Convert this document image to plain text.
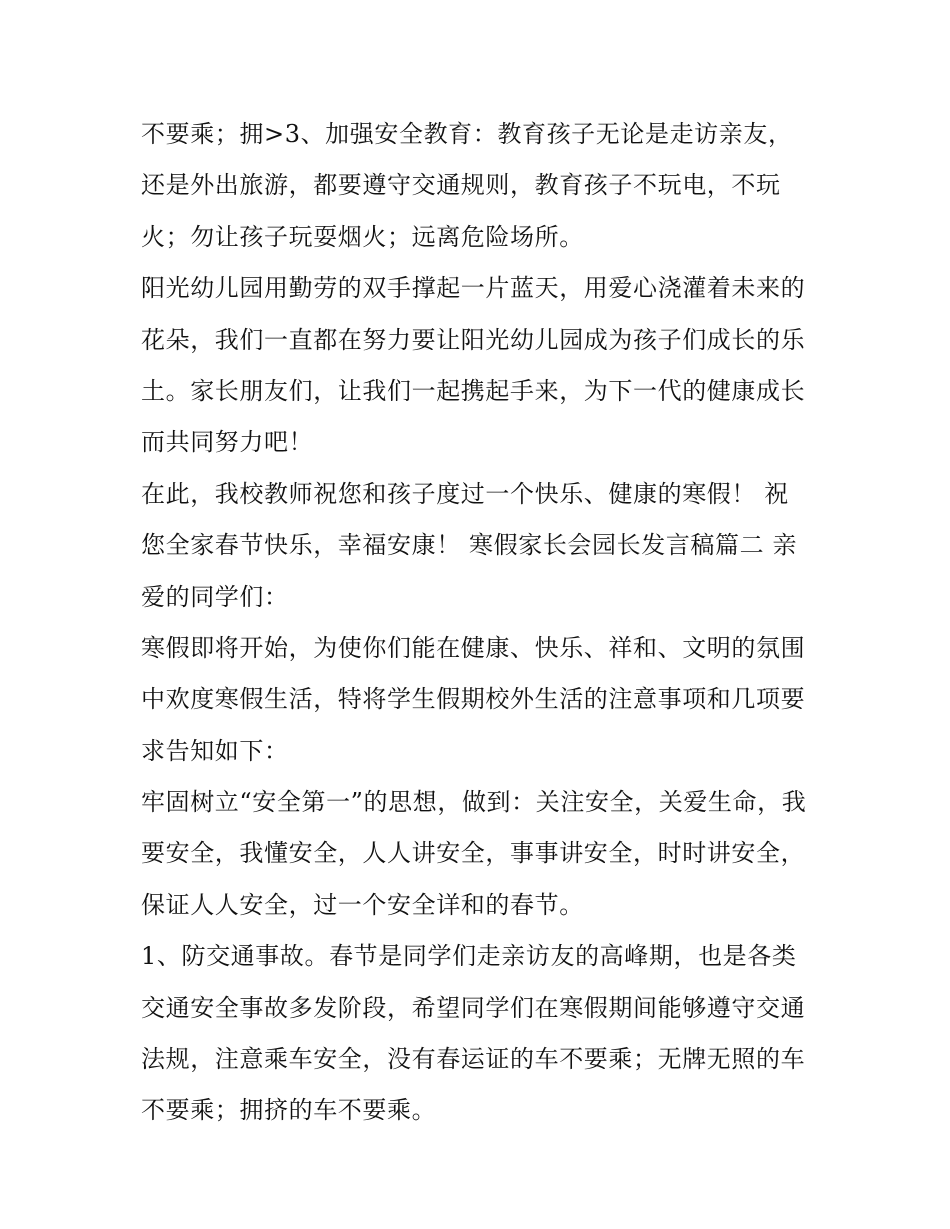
不要乘；拥>3、加强安全教育：教育孩子无论是走访亲友，
还是外出旅游，都要遵守交通规则，教育孩子不玩电，不玩
火；勿让孩子玩耍烟火；远离危险场所。

阳光幼儿园用勤劳的双手撑起一片蓝天，用爱心浇灌着未来的
花朵，我们一直都在努力要让阳光幼儿园成为孩子们成长的乐
土。家长朋友们，让我们一起携起手来，为下一代的健康成长
而共同努力吧！

在此，我校教师祝您和孩子度过一个快乐、健康的寒假！ 祝
您全家春节快乐，幸福安康！ 寒假家长会园长发言稿篇二 亲
爱的同学们：

寒假即将开始，为使你们能在健康、快乐、祥和、文明的氛围
中欢度寒假生活，特将学生假期校外生活的注意事项和几项要
求告知如下：

牢固树立“安全第一”的思想，做到：关注安全，关爱生命，我
要安全，我懂安全，人人讲安全，事事讲安全，时时讲安全，
保证人人安全，过一个安全详和的春节。

1、防交通事故。春节是同学们走亲访友的高峰期，也是各类
交通安全事故多发阶段，希望同学们在寒假期间能够遵守交通
法规，注意乘车安全，没有春运证的车不要乘；无牌无照的车
不要乘；拥挤的车不要乘。
